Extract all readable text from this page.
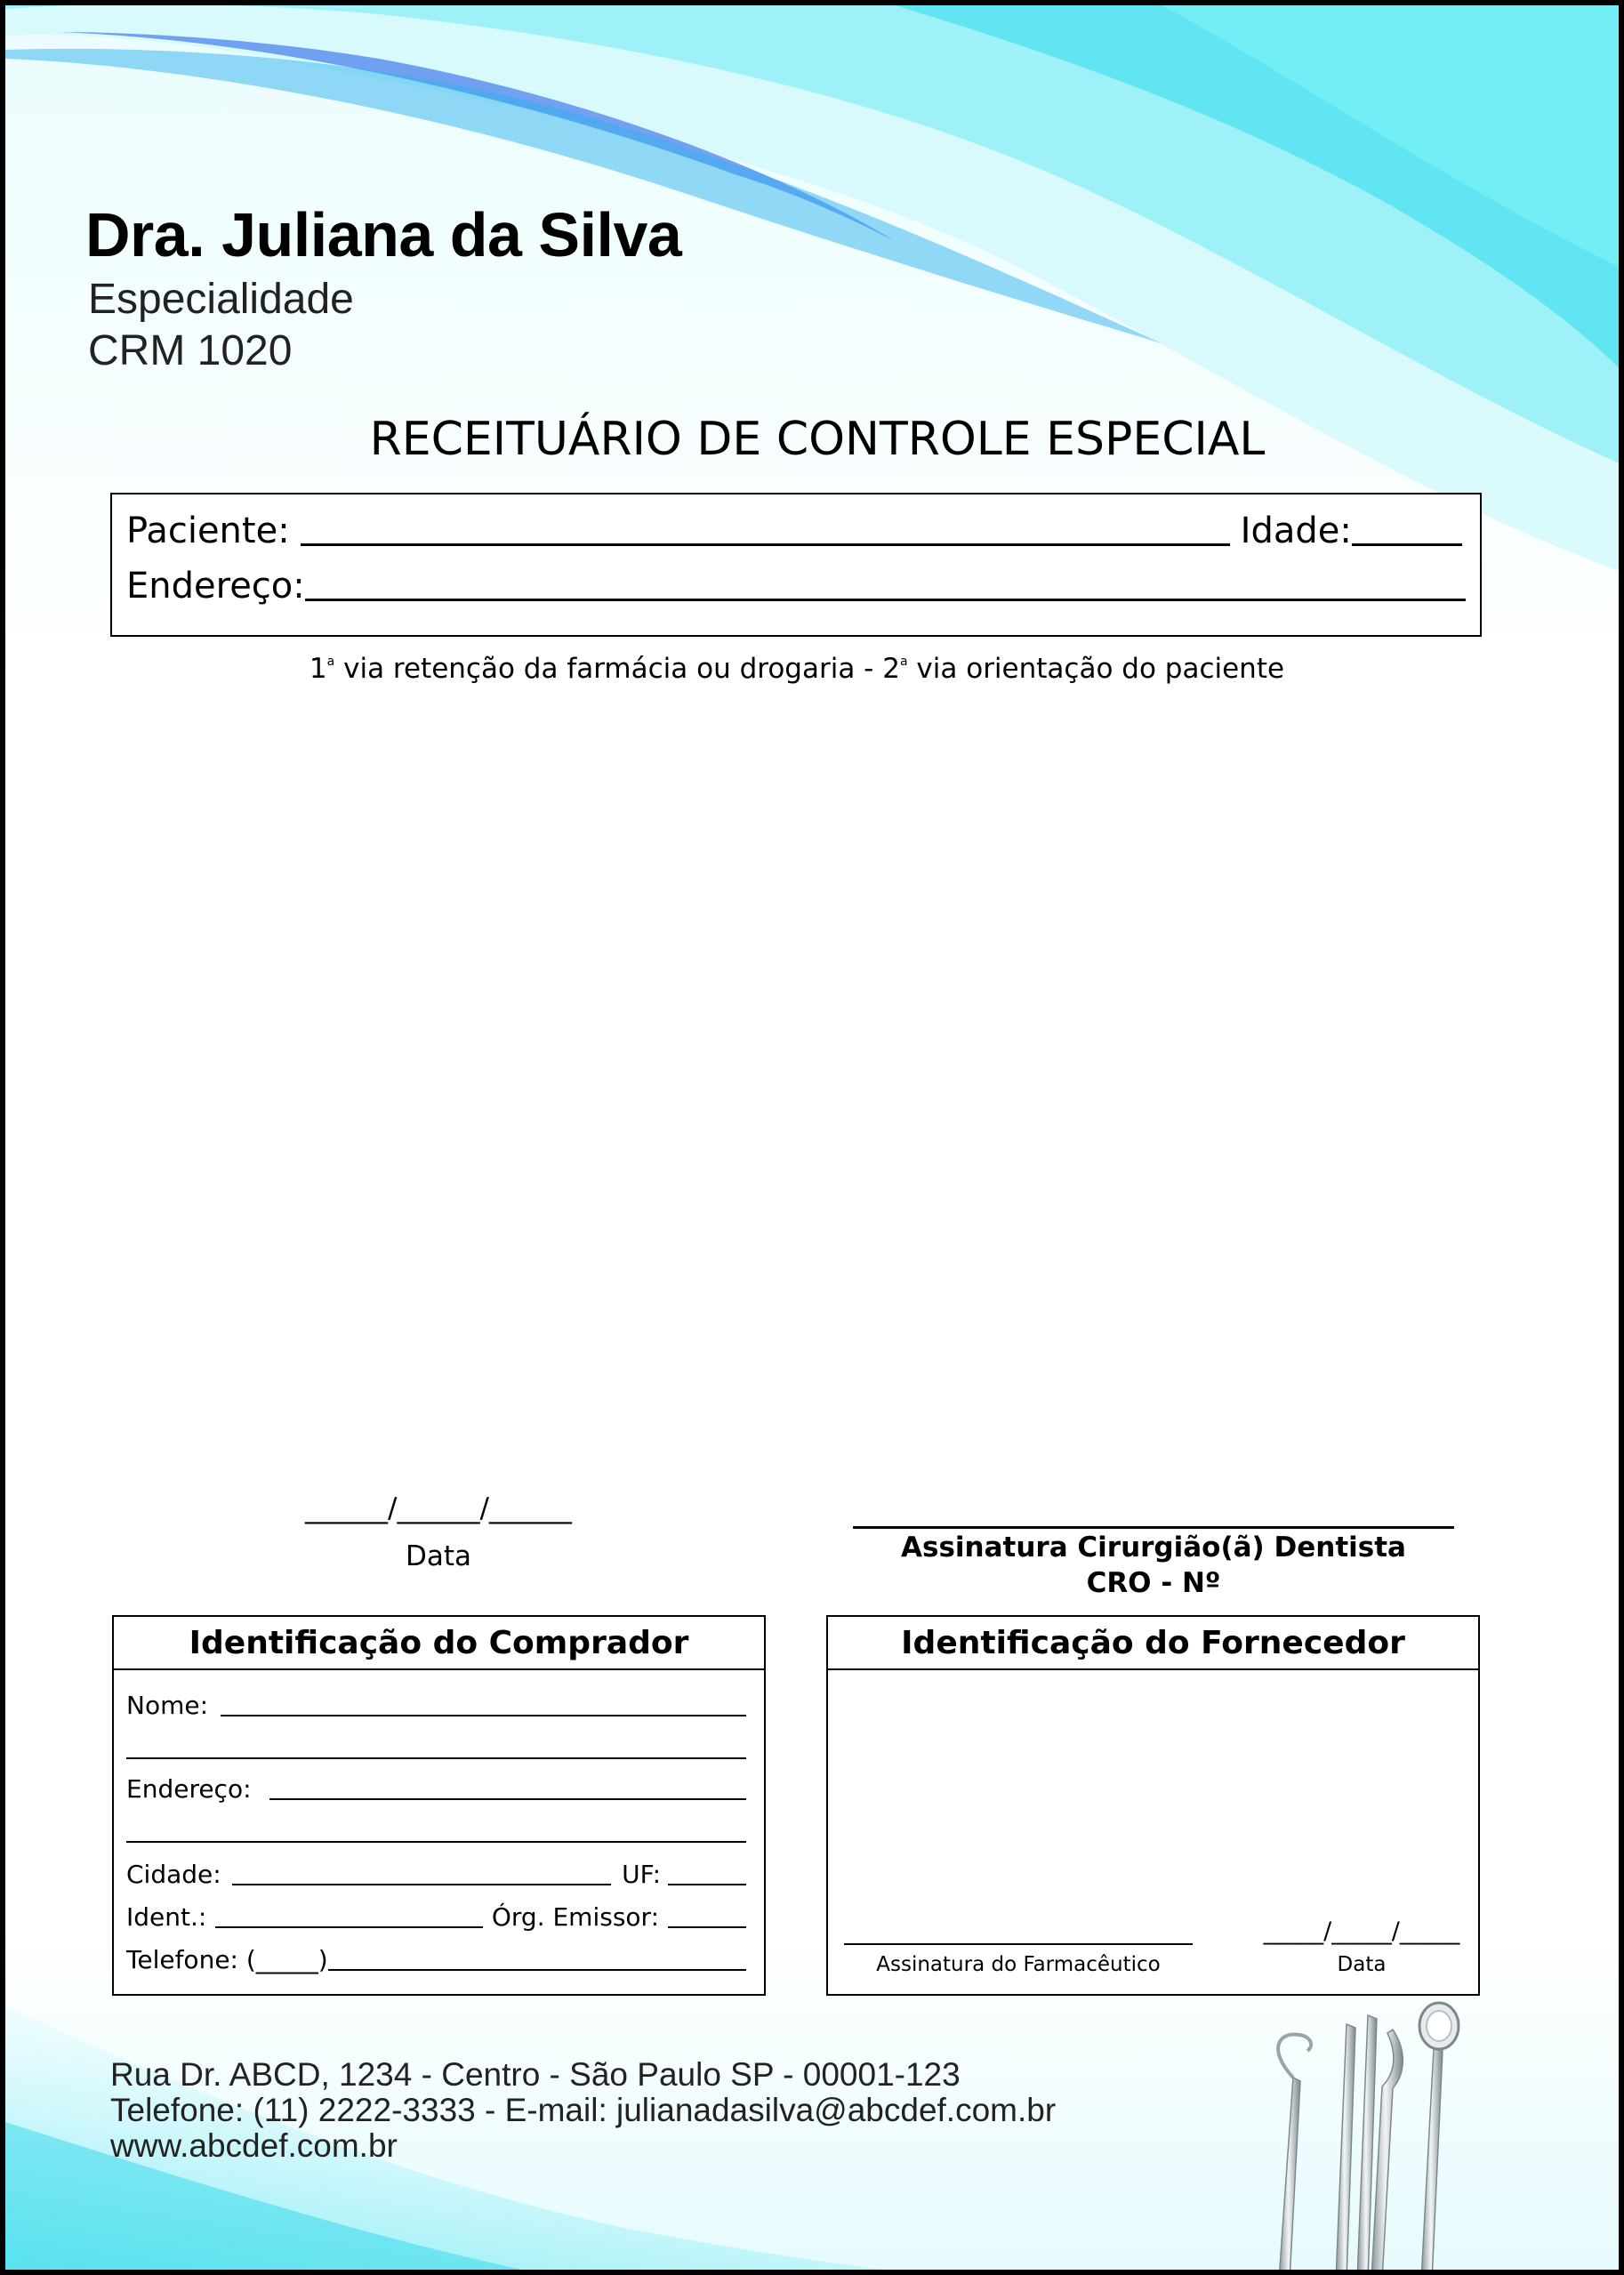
Dra. Juliana da Silva
Especialidade
CRM 1020
RECEITUÁRIO DE CONTROLE ESPECIAL
Paciente:	Idade:
Endereço:
1$^a$ via retenção da farmácia ou drogaria - 2$^a$ via orientação do paciente
______/______/______
Data	Assinatura Cirurgião(ã) Dentista
CRO - Nº
Identificação do Comprador
Nome:
Endereço:
Cidade:	UF:
Ident.:	Órg. Emissor:
Telefone: (_____)
Identificação do Fornecedor
Assinatura do Farmacêutico
_____/_____/_____
Data
Rua Dr. ABCD, 1234 - Centro - São Paulo SP - 00001-123
Telefone: (11) 2222-3333 - E-mail: julianadasilva@abcdef.com.br
www.abcdef.com.br
